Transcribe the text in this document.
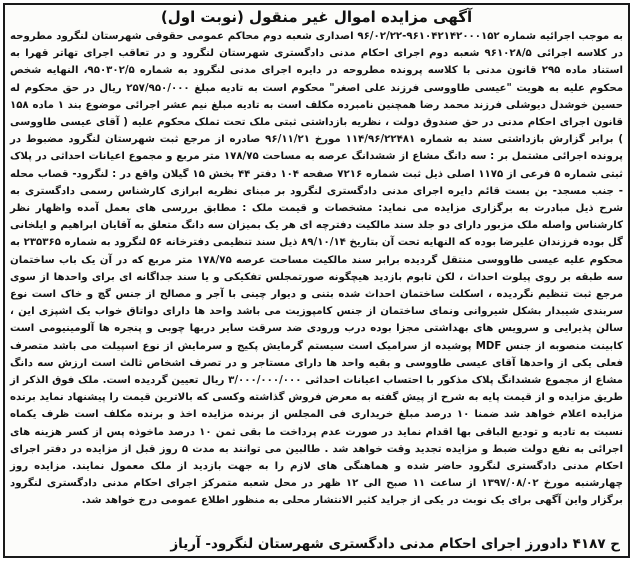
آگهی مزایده اموال غیر منقول (نوبت اول)

به موجب اجرائیه شماره ۹۶۱۰۴۲۱۴۲۰۰۰۱۵۲-۹۶/۰۲/۲۲ اصداری شعبه دوم محاکم عمومی حقوقی شهرستان لنگرود مطروحه در کلاسه اجرائی ۹۶۱۰۲۸/۵ شعبه دوم اجرای احکام مدنی دادگستری شهرستان لنگرود و در تعاقب اجرای تهاتر قهرا به استناد ماده ۲۹۵ قانون مدنی با کلاسه پرونده مطروحه در دایره اجرای مدنی لنگرود به شماره ۹۵۰۳۰۲/۵، النهایه شخص محکوم علیه به هویت "عیسی طاووسی فرزند علی اصغر" محکوم است به تادیه مبلغ ۲۵۷/۹۵۰/۰۰۰ ریال در حق محکوم له حسین خوشدل دیوشلی فرزند محمد رضا همچنین نامبرده مکلف است به تادیه مبلغ نیم عشر اجرائی موضوع بند ۱ ماده ۱۵۸ قانون اجرای احکام مدنی در حق صندوق دولت ، نظریه بازداشتی ثبتی ملک تحت تملک محکوم علیه ( آقای عیسی طاووسی ) برابر گزارش بازداشتی سند به شماره ۱۱۴/۹۶/۲۲۴۸۱ مورخ ۹۶/۱۱/۲۱ صادره از مرجع ثبت شهرستان لنگرود مضبوط در پرونده اجرائی مشتمل بر : سه دانگ مشاع از ششدانگ عرصه به مساحت ۱۷۸/۷۵ متر مربع و مجموع اعیانات احداثی در پلاک ثبتی شماره ۵ فرعی از ۱۱۷۵ اصلی ذیل ثبت شماره ۷۲۱۶ صفحه ۱۰۴ دفتر ۴۴ بخش ۱۵ گیلان واقع در : لنگرود- قصاب محله - جنب مسجد- بن بست قائم دایره اجرای مدنی دادگستری لنگرود بر مبنای نظریه ابرازی کارشناس رسمی دادگستری به شرح ذیل مبادرت به برگزاری مزایده می نماید: مشخصات و قیمت ملک : مطابق بررسی های بعمل آمده واظهار نظر کارشناس واصله ملک مزبور دارای دو جلد سند مالکیت دفترچه ای هر یک بمیزان سه دانگ متعلق به آقایان ابراهیم و ایلخانی گل بوده فرزندان علیرضا بوده که النهایه تحت آن بتاریخ ۸۹/۱۰/۱۴ ذیل سند تنظیمی دفترخانه ۵۶ لنگرود به شماره ۲۳۵۳۶۵ به محکوم علیه عیسی طاووسی منتقل گردیده برابر سند مالکیت مساحت عرصه ۱۷۸/۷۵ متر مربع که در آن یک باب ساختمان سه طبقه بر روی پیلوت احداث ، لکن تابوم بازدید هیچگونه صورتمجلس تفکیکی و یا سند جداگانه ای برای واحدها از سوی مرجع ثبت تنظیم نگردیده ، اسکلت ساختمان احداث شده بتنی و دیوار چینی با آجر و مصالح از جنس گچ و خاک است نوع سربندی شیبدار بشکل شیروانی ونمای ساختمان از جنس کامپوزیت می باشد واحد ها دارای دواتاق خواب یک اشپزی این ، سالن پذیرایی و سرویس های بهداشتی مجزا بوده درب ورودی ضد سرقت سایر دربها چوبی و پنجره ها آلومینیومی است کابینت منصوبه از جنس MDF پوشیده از سرامیک است سیستم گرمایش پکیج و سرمایش از نوع اسپیلت می باشد متصرف فعلی یکی از واحدها آقای عیسی طاووسی و بقیه واحد ها دارای مستاجر و در تصرف اشخاص ثالث است ارزش سه دانگ مشاع از مجموع ششدانگ پلاک مذکور با احتساب اعیانات احداثی ۳/۰۰۰/۰۰۰/۰۰۰ ریال تعیین گردیده است. ملک فوق الذکر از طریق مزایده و از قیمت پایه به شرح از پیش گفته به معرض فروش گذاشته وکسی که بالاترین قیمت را پیشنهاد نماید برنده مزایده اعلام خواهد شد ضمنا ۱۰ درصد مبلغ خریداری فی المجلس از برنده مزایده اخذ و برنده مکلف است ظرف یکماه نسبت به تادیه و تودیع الباقی بها اقدام نماید در صورت عدم پرداخت ما بقی ثمن ۱۰ درصد ماخوذه پس از کسر هزینه های اجرائی به نفع دولت ضبط و مزایده تجدید وقت خواهد شد . طالبین می توانند به مدت ۵ روز قبل از مزایده در دفتر اجرای احکام مدنی دادگستری لنگرود حاضر شده و هماهنگی های لازم را به جهت بازدید از ملک معمول نمایند. مزایده روز چهارشنبه مورخ ۱۳۹۷/۰۸/۰۲ از ساعت ۱۱ صبح الی ۱۲ ظهر در محل شعبه متمرکز اجرای احکام مدنی دادگستری لنگرود برگزار واین آگهی برای یک نوبت در یکی از جراید کثیر الانتشار محلی به منظور اطلاع عمومی درج خواهد شد.

ح ۴۱۸۷ دادورز اجرای احکام مدنی دادگستری شهرستان لنگرود- آریاز
